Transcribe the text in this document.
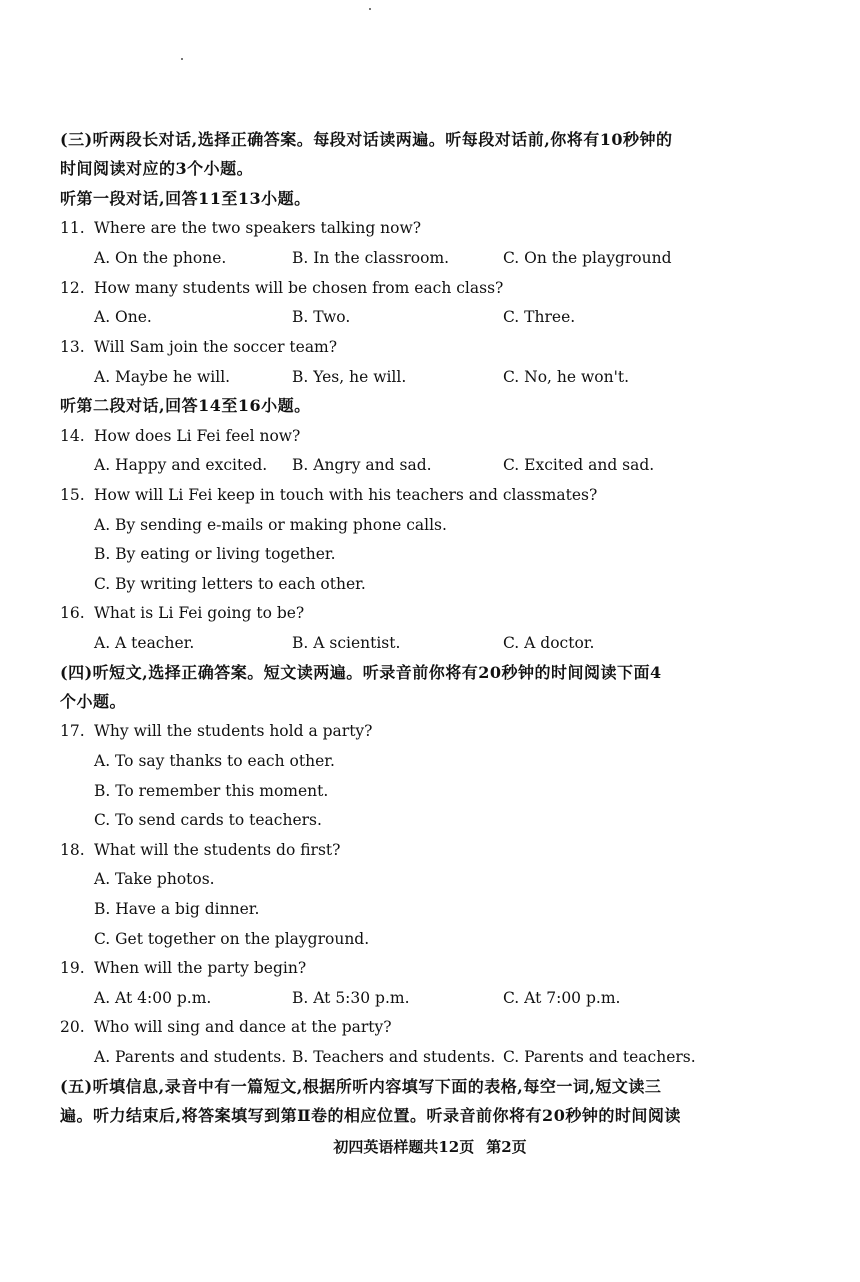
(三)听两段长对话,选择正确答案。每段对话读两遍。听每段对话前,你将有10秒钟的
时间阅读对应的3个小题。
听第一段对话,回答11至13小题。
11. Where are the two speakers talking now?
A. On the phone.	B. In the classroom.	C. On the playground
12. How many students will be chosen from each class?
A. One.	B. Two.	C. Three.
13. Will Sam join the soccer team?
A. Maybe he will.	B. Yes, he will.	C. No, he won't.
听第二段对话,回答14至16小题。
14. How does Li Fei feel now?
A. Happy and excited. B. Angry and sad.	C. Excited and sad.
15. How will Li Fei keep in touch with his teachers and classmates?
A. By sending e-mails or making phone calls.
B. By eating or living together.
C. By writing letters to each other.
16. What is Li Fei going to be?
A. A teacher.	B. A scientist.	C. A doctor.
(四)听短文,选择正确答案。短文读两遍。听录音前你将有20秒钟的时间阅读下面4
个小题。
17. Why will the students hold a party?
A. To say thanks to each other.
B. To remember this moment.
C. To send cards to teachers.
18. What will the students do first?
A. Take photos.
B. Have a big dinner.
C. Get together on the playground.
19. When will the party begin?
A. At 4:00 p.m.	B. At 5:30 p.m.	C. At 7:00 p.m.
20. Who will sing and dance at the party?
A. Parents and students. B. Teachers and students. C. Parents and teachers.
(五)听填信息,录音中有一篇短文,根据所听内容填写下面的表格,每空一词,短文读三
遍。听力结束后,将答案填写到第Ⅱ卷的相应位置。听录音前你将有20秒钟的时间阅读
初四英语样题共12页 第2页
